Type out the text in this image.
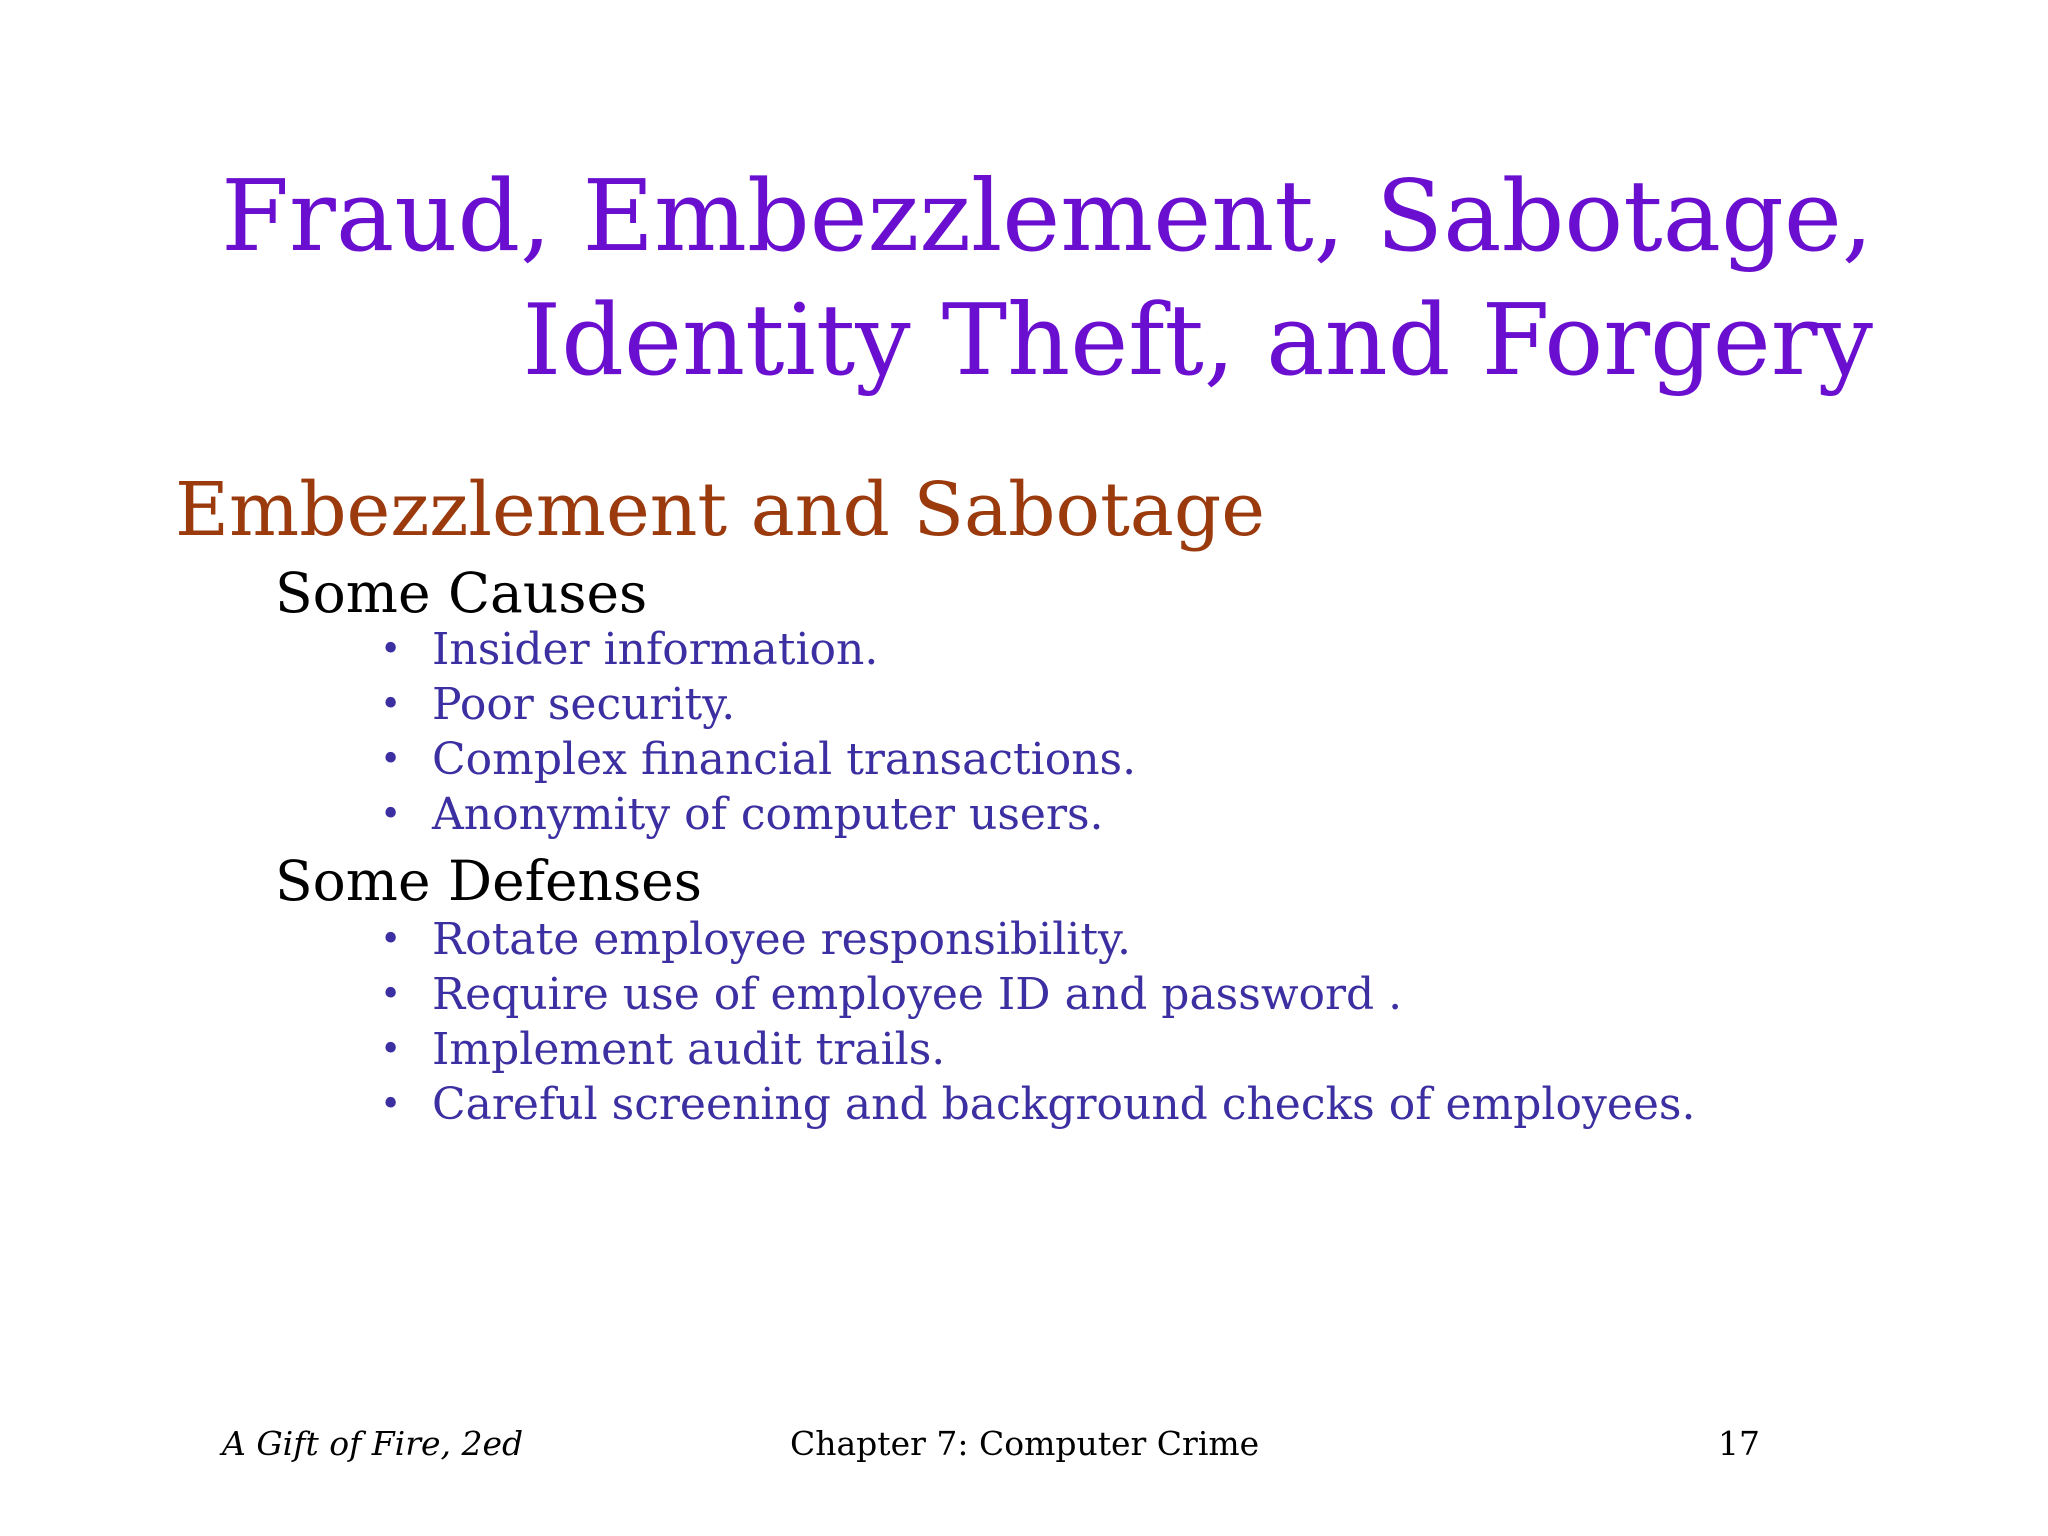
Fraud, Embezzlement, Sabotage,
Identity Theft, and Forgery
Embezzlement and Sabotage
Some Causes
• Insider information.
• Poor security.
• Complex financial transactions.
• Anonymity of computer users.
Some Defenses
• Rotate employee responsibility.
• Require use of employee ID and password .
• Implement audit trails.
• Careful screening and background checks of employees.
A Gift of Fire, 2ed	Chapter 7: Computer Crime	17
